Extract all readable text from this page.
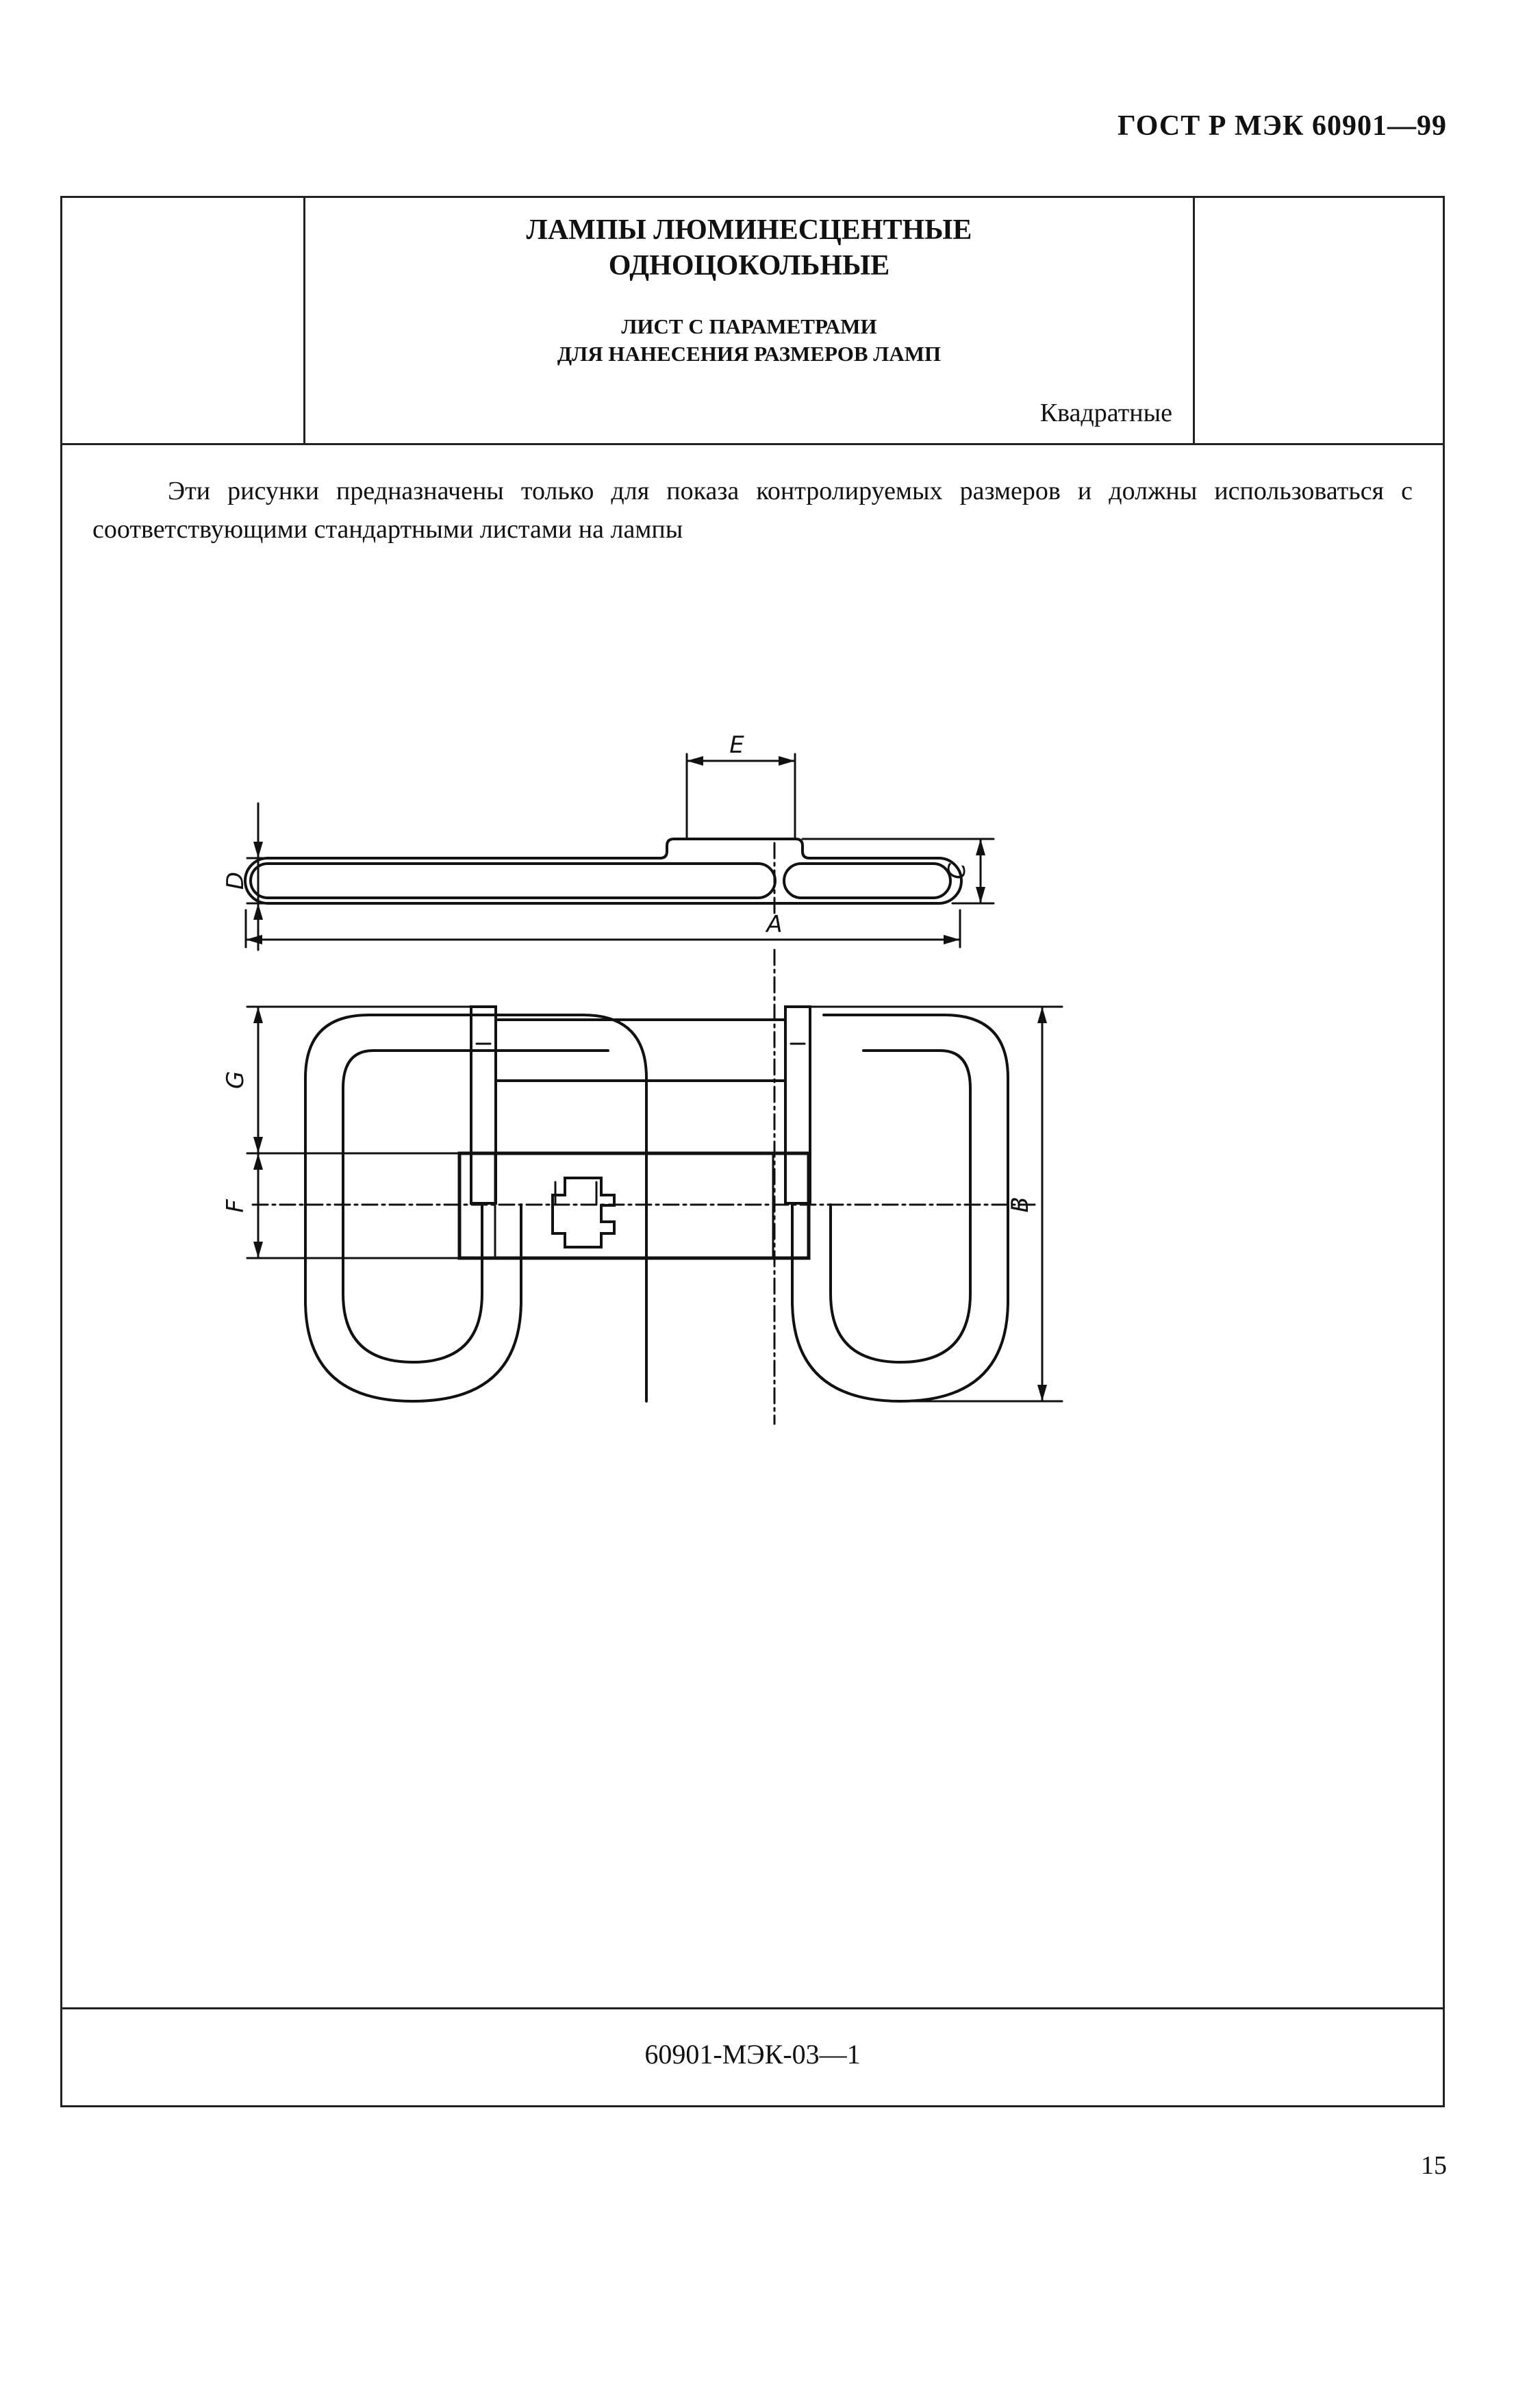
ГОСТ Р МЭК 60901—99
ЛАМПЫ ЛЮМИНЕСЦЕНТНЫЕ
ОДНОЦОКОЛЬНЫЕ
ЛИСТ С ПАРАМЕТРАМИ
ДЛЯ НАНЕСЕНИЯ РАЗМЕРОВ ЛАМП
Квадратные
Эти рисунки предназначены только для показа контролируемых размеров и должны использоваться с соответствующими стандартными листами на лампы
E
D
C
A
G
F	B
60901-МЭК-03—1
15
